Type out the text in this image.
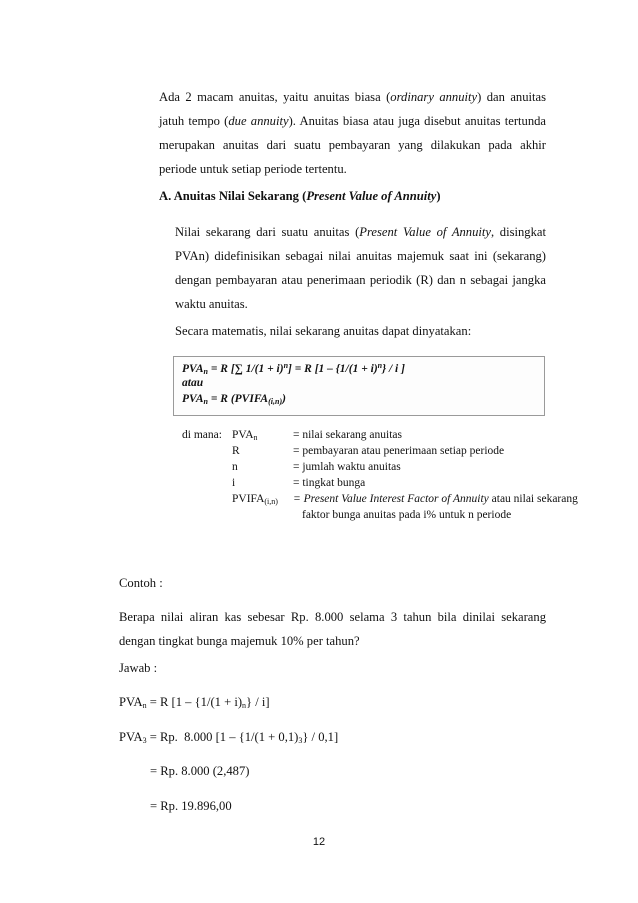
Ada 2 macam anuitas, yaitu anuitas biasa (ordinary annuity) dan anuitas
jatuh tempo (due annuity). Anuitas biasa atau juga disebut anuitas tertunda
merupakan anuitas dari suatu pembayaran yang dilakukan pada akhir
periode untuk setiap periode tertentu.
A. Anuitas Nilai Sekarang (Present Value of Annuity)
Nilai sekarang dari suatu anuitas (Present Value of Annuity, disingkat
PVAn) didefinisikan sebagai nilai anuitas majemuk saat ini (sekarang)
dengan pembayaran atau penerimaan periodik (R) dan n sebagai jangka
waktu anuitas.
Secara matematis, nilai sekarang anuitas dapat dinyatakan:
$PVA_n = R$ [∑ $1/(1 + i)^n] = R$ [$1 - \{1/(1 + i)^n\} / i$ ]
atau
$PVA_n = R$ $(PVIFA_{(i,n)})$
di mana: $PVA_n$	= nilai sekarang anuitas
R	= pembayaran atau penerimaan setiap periode
n	= jumlah waktu anuitas
i	= tingkat bunga
$PVIFA_{(i,n)}$ = Present Value Interest Factor of Annuity atau nilai sekarang
faktor bunga anuitas pada i% untuk n periode
Contoh :
Berapa nilai aliran kas sebesar Rp. 8.000 selama 3 tahun bila dinilai sekarang
dengan tingkat bunga majemuk 10% per tahun?
Jawab :
$PVA_n = R$ $[1 - \{1/(1 + i)_n\} / i]$
$PVA_3 = Rp$.  8.000 $[1 - \{1/(1 + 0,1)_3\} / 0,1]$
= Rp. 8.000 (2,487)
= Rp. 19.896,00
12
